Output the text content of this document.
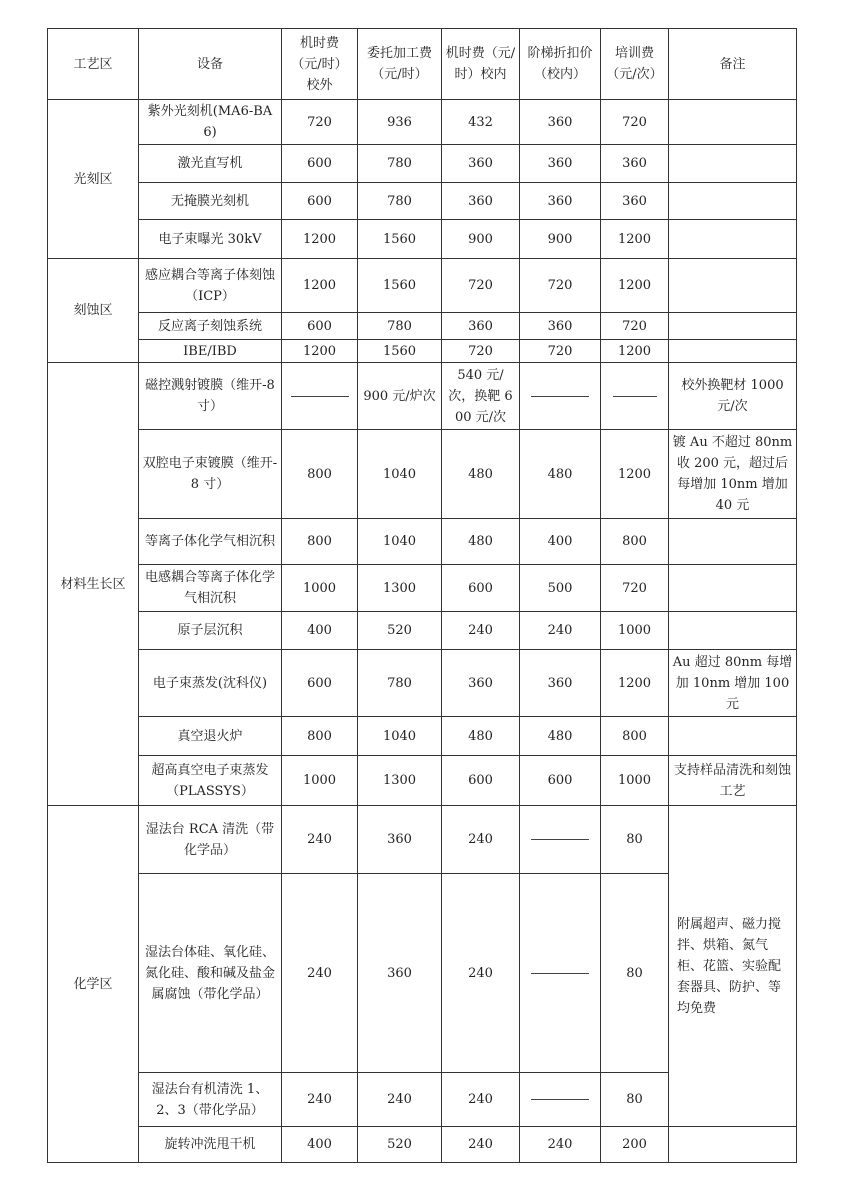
工艺区	设备	机时费（元/时）校外	委托加工费（元/时）	机时费（元/时）校内	阶梯折扣价（校内）	培训费（元/次）	备注
光刻区	紫外光刻机(MA6-BA6)	720	936	432	360	720	
	激光直写机	600	780	360	360	360	
	无掩膜光刻机	600	780	360	360	360	
	电子束曝光 30kV	1200	1560	900	900	1200	
刻蚀区	感应耦合等离子体刻蚀（ICP）	1200	1560	720	720	1200	
	反应离子刻蚀系统	600	780	360	360	720	
	IBE/IBD	1200	1560	720	720	1200	
材料生长区	磁控溅射镀膜（维开-8 寸）		900 元/炉次	540 元/次，换靶 600 元/次			校外换靶材 1000 元/次
	双腔电子束镀膜（维开-8 寸）	800	1040	480	480	1200	镀 Au 不超过 80nm 收 200 元，超过后每增加 10nm 增加 40 元
	等离子体化学气相沉积	800	1040	480	400	800	
	电感耦合等离子体化学气相沉积	1000	1300	600	500	720	
	原子层沉积	400	520	240	240	1000	
	电子束蒸发(沈科仪)	600	780	360	360	1200	Au 超过 80nm 每增加 10nm 增加 100 元
	真空退火炉	800	1040	480	480	800	
	超高真空电子束蒸发（PLASSYS）	1000	1300	600	600	1000	支持样品清洗和刻蚀工艺
化学区	湿法台 RCA 清洗（带化学品）	240	360	240		80	附属超声、磁力搅拌、烘箱、氮气柜、花篮、实验配套器具、防护、等均免费
	湿法台体硅、氧化硅、氮化硅、酸和碱及盐金属腐蚀（带化学品）	240	360	240		80	
	湿法台有机清洗 1、2、3（带化学品）	240	240	240		80	
	旋转冲洗甩干机	400	520	240	240	200	
